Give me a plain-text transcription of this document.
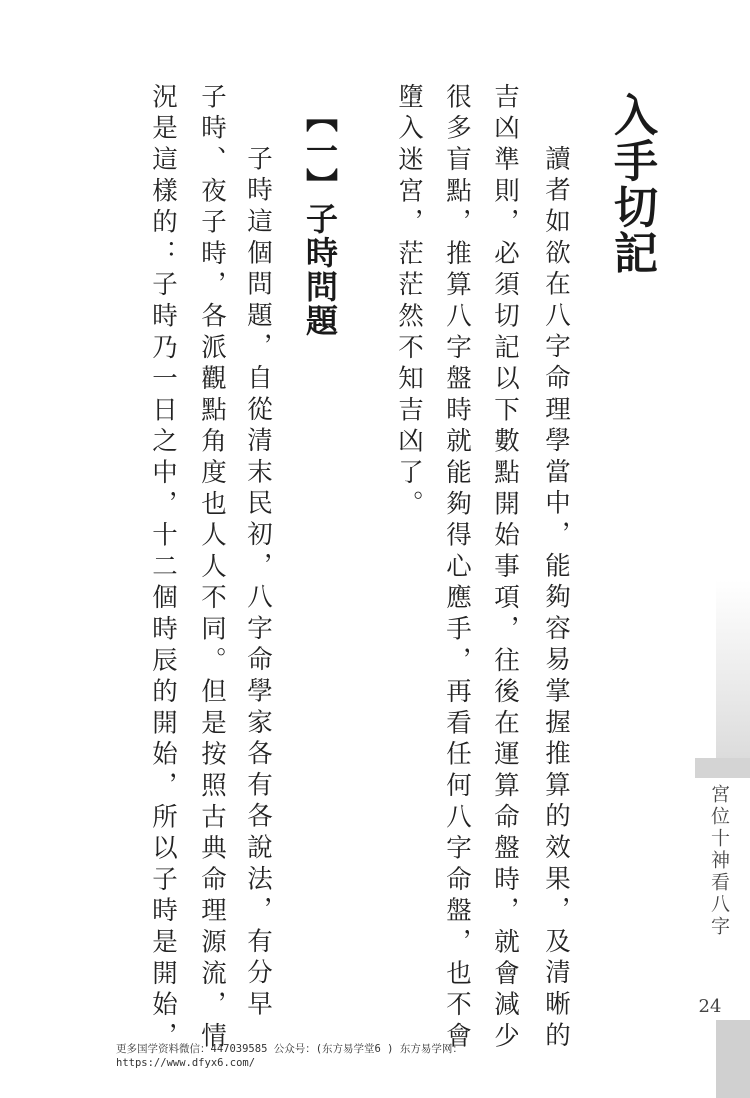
入手切記
讀者如欲在八字命理學當中，能夠容易掌握推算的效果，及清晰的
吉凶準則，必須切記以下數點開始事項，往後在運算命盤時，就會減少
很多盲點，推算八字盤時就能夠得心應手，再看任何八字命盤，也不會
墮入迷宮，茫茫然不知吉凶了。
【一】子時問題
子時這個問題，自從清末民初，八字命學家各有各說法，有分早
子時、夜子時，各派觀點角度也人人不同。但是按照古典命理源流，情
況是這樣的：子時乃一日之中，十二個時辰的開始，所以子時是開始，	宮位十神看八字
24
更多国学资料微信：447039585 公众号：(东方易学堂6 ) 东方易学网：
https://www.dfyx6.com/
